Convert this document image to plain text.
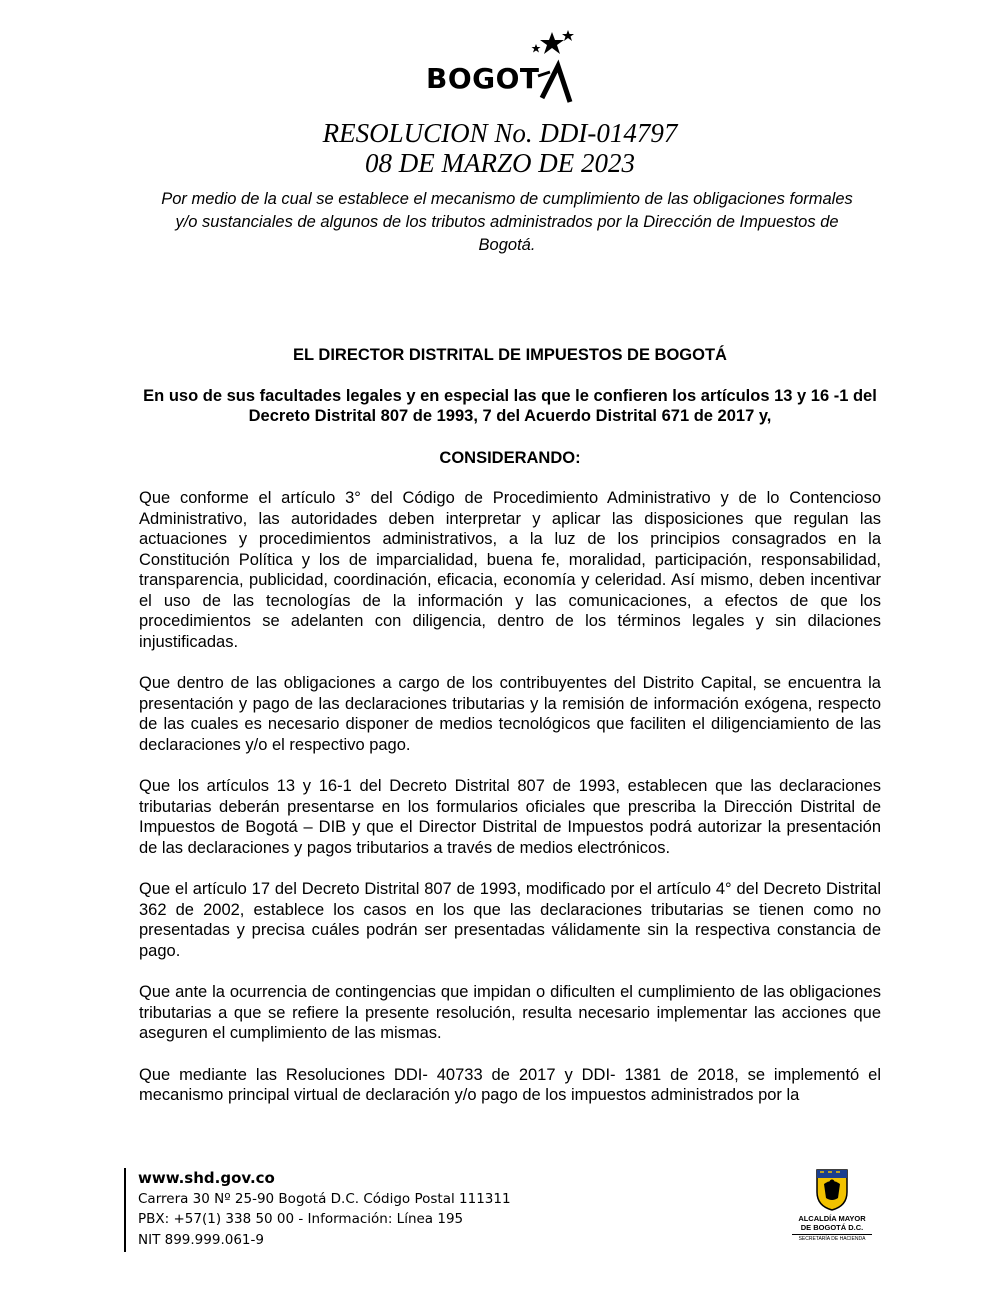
BOGOT
RESOLUCION No. DDI-014797
08 DE MARZO DE 2023
Por medio de la cual se establece el mecanismo de cumplimiento de las obligaciones formales y/o sustanciales de algunos de los tributos administrados por la Dirección de Impuestos de Bogotá.
EL DIRECTOR DISTRITAL DE IMPUESTOS DE BOGOTÁ
En uso de sus facultades legales y en especial las que le confieren los artículos 13 y 16 -1 del Decreto Distrital 807 de 1993, 7 del Acuerdo Distrital 671 de 2017 y,
CONSIDERANDO:

Que conforme el artículo 3° del Código de Procedimiento Administrativo y de lo Contencioso Administrativo, las autoridades deben interpretar y aplicar las disposiciones que regulan las actuaciones y procedimientos administrativos, a la luz de los principios consagrados en la Constitución Política y los de imparcialidad, buena fe, moralidad, participación, responsabilidad, transparencia, publicidad, coordinación, eficacia, economía y celeridad. Así mismo, deben incentivar el uso de las tecnologías de la información y las comunicaciones, a efectos de que los procedimientos se adelanten con diligencia, dentro de los términos legales y sin dilaciones injustificadas.

Que dentro de las obligaciones a cargo de los contribuyentes del Distrito Capital, se encuentra la presentación y pago de las declaraciones tributarias y la remisión de información exógena, respecto de las cuales es necesario disponer de medios tecnológicos que faciliten el diligenciamiento de las declaraciones y/o el respectivo pago.

Que los artículos 13 y 16-1 del Decreto Distrital 807 de 1993, establecen que las declaraciones tributarias deberán presentarse en los formularios oficiales que prescriba la Dirección Distrital de Impuestos de Bogotá – DIB y que el Director Distrital de Impuestos podrá autorizar la presentación de las declaraciones y pagos tributarios a través de medios electrónicos.

Que el artículo 17 del Decreto Distrital 807 de 1993, modificado por el artículo 4° del Decreto Distrital 362 de 2002, establece los casos en los que las declaraciones tributarias se tienen como no presentadas y precisa cuáles podrán ser presentadas válidamente sin la respectiva constancia de pago.

Que ante la ocurrencia de contingencias que impidan o dificulten el cumplimiento de las obligaciones tributarias a que se refiere la presente resolución, resulta necesario implementar las acciones que aseguren el cumplimiento de las mismas.

Que mediante las Resoluciones DDI- 40733 de 2017 y DDI- 1381 de 2018, se implementó el mecanismo principal virtual de declaración y/o pago de los impuestos administrados por la

www.shd.gov.co
Carrera 30 Nº 25-90 Bogotá D.C. Código Postal 111311
PBX: +57(1) 338 50 00 - Información: Línea 195
NIT 899.999.061-9
ALCALDÍA MAYOR
DE BOGOTÁ D.C.
SECRETARÍA DE HACIENDA
